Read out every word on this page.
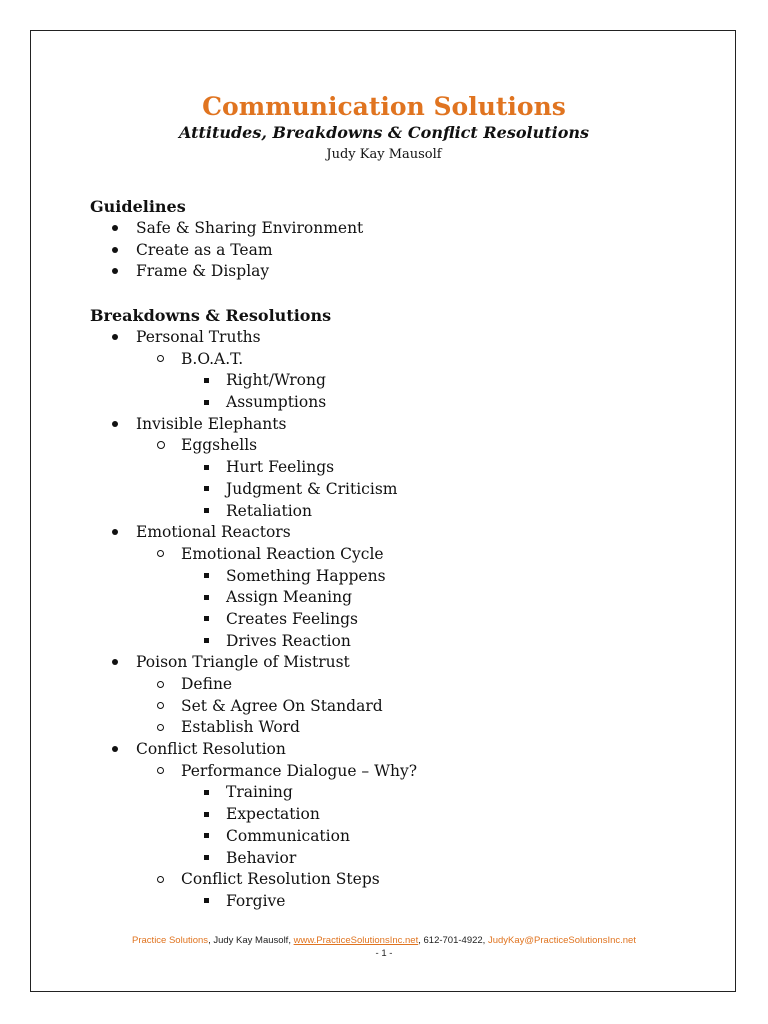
Communication Solutions

Attitudes, Breakdowns & Conflict Resolutions

Judy Kay Mausolf

Guidelines

Safe & Sharing Environment
Create as a Team
Frame & Display

Breakdowns & Resolutions

Personal Truths
B.O.A.T.
Right/Wrong
Assumptions
Invisible Elephants
Eggshells
Hurt Feelings
Judgment & Criticism
Retaliation
Emotional Reactors
Emotional Reaction Cycle
Something Happens
Assign Meaning
Creates Feelings
Drives Reaction
Poison Triangle of Mistrust
Define
Set & Agree On Standard
Establish Word
Conflict Resolution
Performance Dialogue – Why?
Training
Expectation
Communication
Behavior
Conflict Resolution Steps
Forgive

Practice Solutions, Judy Kay Mausolf, www.PracticeSolutionsInc.net, 612-701-4922, JudyKay@PracticeSolutionsInc.net

- 1 -
